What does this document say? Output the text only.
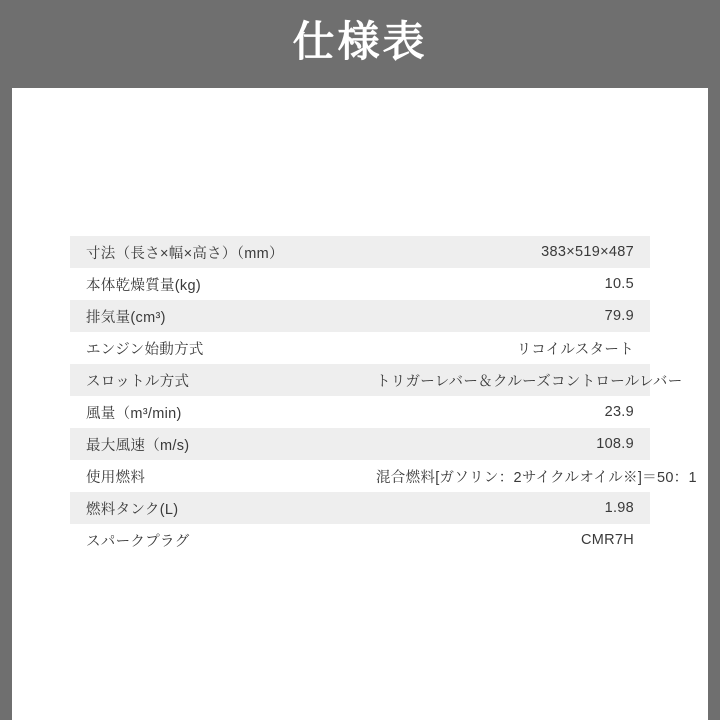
仕様表
寸法（長さ×幅×高さ）（mm）	383×519×487
本体乾燥質量(kg)	10.5
排気量(cm³)	79.9
エンジン始動方式	リコイルスタート
スロットル方式	トリガーレバー＆クルーズコントロールレバー
風量（m³/min)	23.9
最大風速（m/s)	108.9
使用燃料	混合燃料[ガソリン：2サイクルオイル※]＝50：1
燃料タンク(L)	1.98
スパークプラグ	CMR7H
